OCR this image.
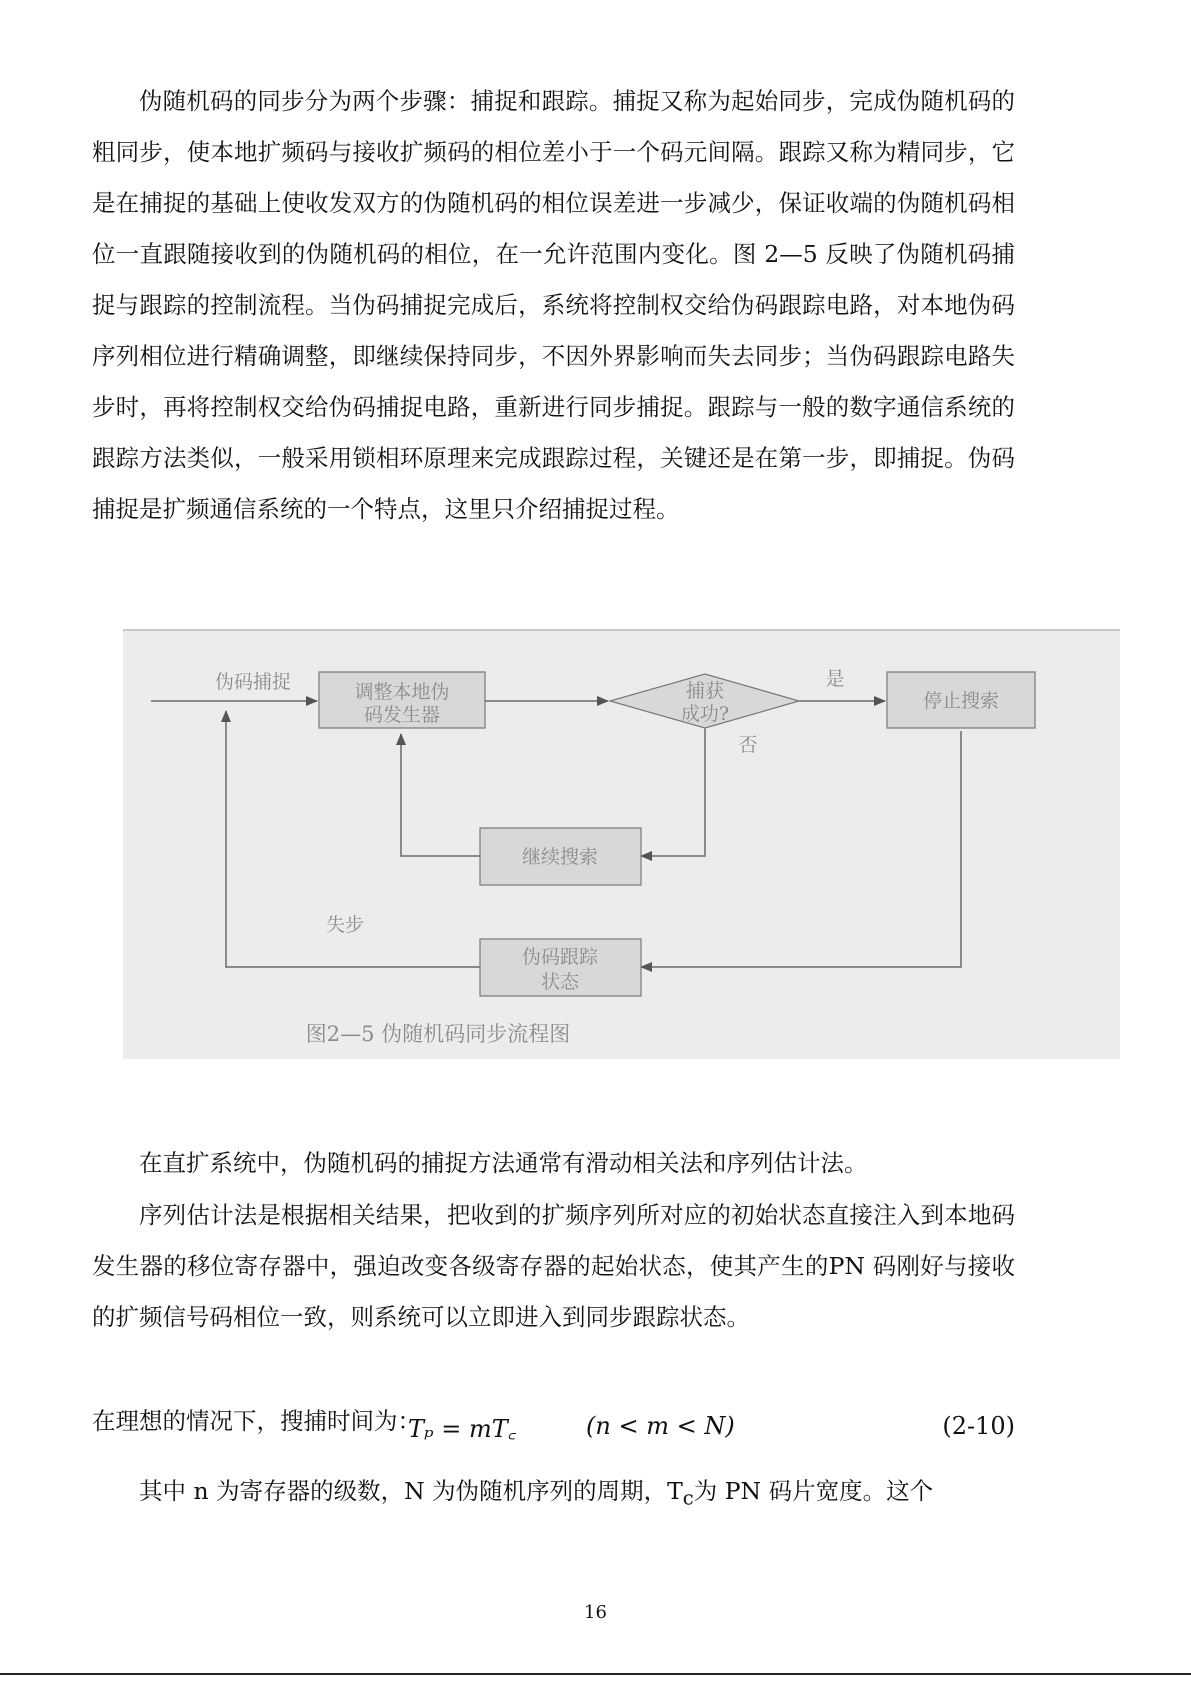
伪随机码的同步分为两个步骤：捕捉和跟踪。捕捉又称为起始同步，完成伪随机码的粗同步，使本地扩频码与接收扩频码的相位差小于一个码元间隔。跟踪又称为精同步，它是在捕捉的基础上使收发双方的伪随机码的相位误差进一步减少，保证收端的伪随机码相位一直跟随接收到的伪随机码的相位，在一允许范围内变化。图 2—5 反映了伪随机码捕捉与跟踪的控制流程。当伪码捕捉完成后，系统将控制权交给伪码跟踪电路，对本地伪码序列相位进行精确调整，即继续保持同步，不因外界影响而失去同步；当伪码跟踪电路失步时，再将控制权交给伪码捕捉电路，重新进行同步捕捉。跟踪与一般的数字通信系统的跟踪方法类似，一般采用锁相环原理来完成跟踪过程，关键还是在第一步，即捕捉。伪码捕捉是扩频通信系统的一个特点，这里只介绍捕捉过程。

伪码捕捉	调整本地伪
码发生器
捕获
成功?
是
否
停止搜索
继续搜索
伪码跟踪
状态
失步
图2—5 伪随机码同步流程图

在直扩系统中，伪随机码的捕捉方法通常有滑动相关法和序列估计法。

序列估计法是根据相关结果，把收到的扩频序列所对应的初始状态直接注入到本地码发生器的移位寄存器中，强迫改变各级寄存器的起始状态，使其产生的PN 码刚好与接收的扩频信号码相位一致，则系统可以立即进入到同步跟踪状态。

在理想的情况下，搜捕时间为：

Tₚ = mT꜀	(n < m < N)	(2-10)

其中 n 为寄存器的级数，N 为伪随机序列的周期，$T_c$为 PN 码片宽度。这个

16
